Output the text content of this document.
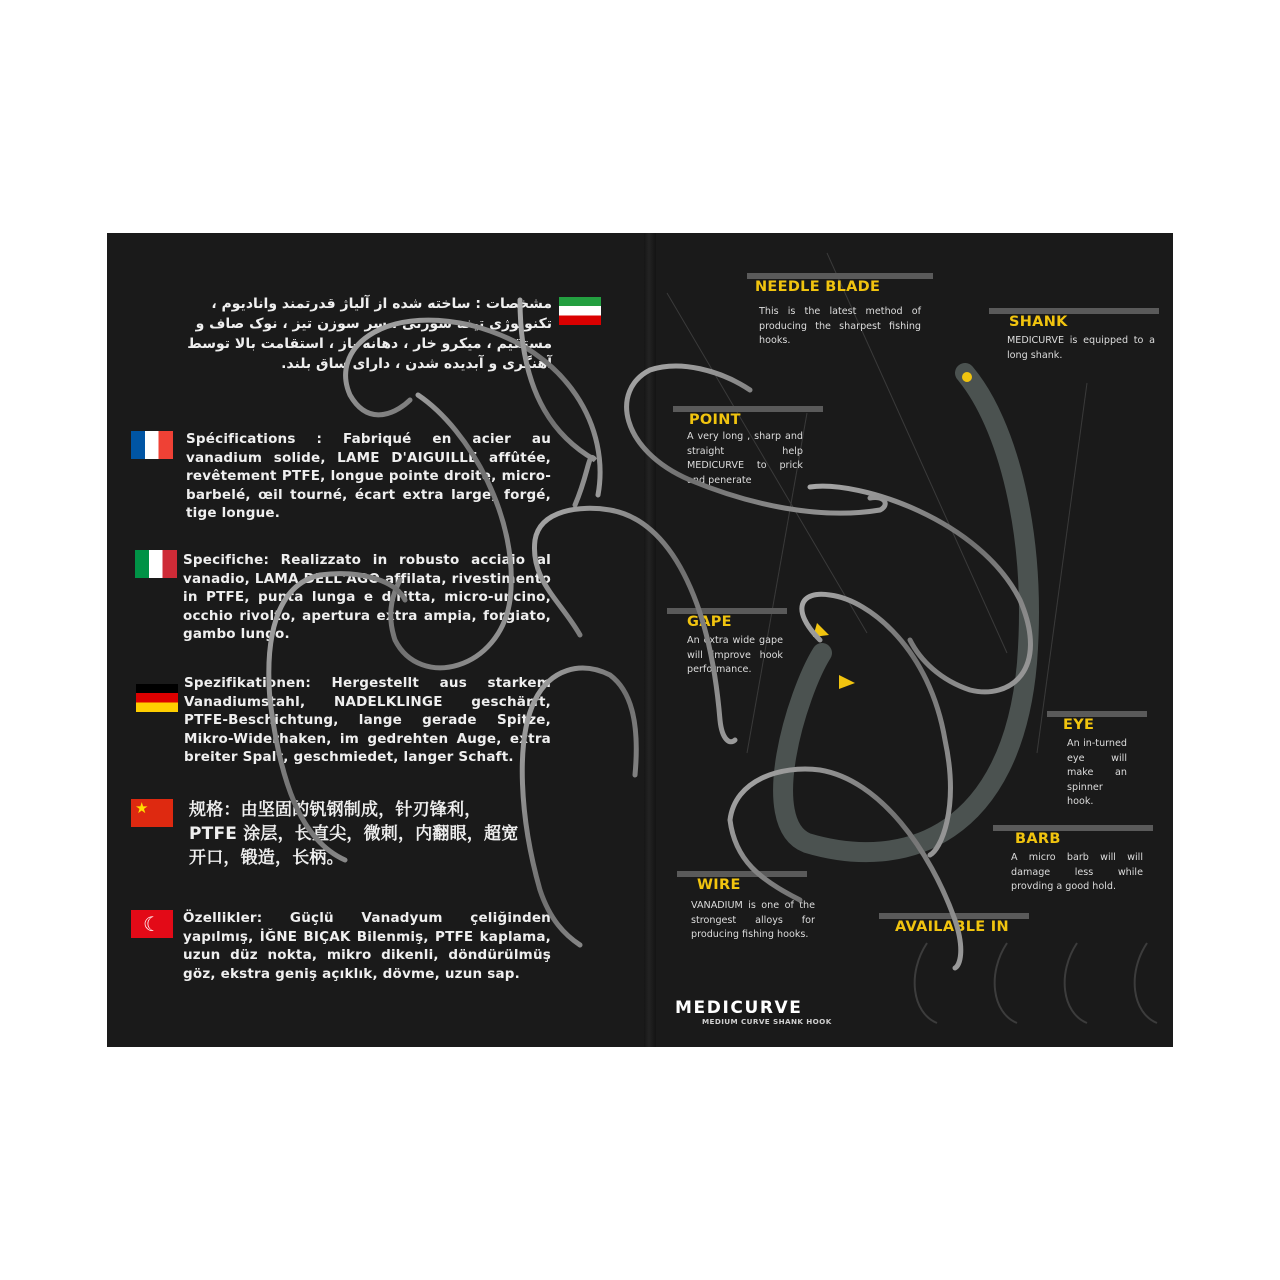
مشخصات : ساخته شده از آلیاژ قدرتمند وانادیوم ، تکنولوژی تیغه سوزنی ، سر سوزن تیز ، نوک صاف و مستقیم ، میکرو خار ، دهانه باز ، استقامت بالا توسط آهنگری و آبدیده شدن ، دارای ساق بلند.
Spécifications : Fabriqué en acier au vanadium solide, LAME D'AIGUILLE affûtée, revêtement PTFE, longue pointe droite, micro-barbelé, œil tourné, écart extra large, forgé, tige longue.
Specifiche: Realizzato in robusto acciaio al vanadio, LAMA DELL'AGO affilata, rivestimento in PTFE, punta lunga e diritta, micro-uncino, occhio rivolto, apertura extra ampia, forgiato, gambo lungo.
Spezifikationen: Hergestellt aus starkem Vanadiumstahl, NADELKLINGE geschärft, PTFE-Beschichtung, lange gerade Spitze, Mikro-Widerhaken, im gedrehten Auge, extra breiter Spalt, geschmiedet, langer Schaft.
★	规格：由坚固的钒钢制成，针刃锋利，PTFE 涂层，长直尖，微刺，内翻眼，超宽开口，锻造，长柄。
☾	Özellikler: Güçlü Vanadyum çeliğinden yapılmış, İĞNE BIÇAK Bilenmiş, PTFE kaplama, uzun düz nokta, mikro dikenli, döndürülmüş göz, ekstra geniş açıklık, dövme, uzun sap.
NEEDLE BLADE
This is the latest method of producing the sharpest fishing hooks.
SHANK
MEDICURVE is equipped to a long shank.
POINT
A very long , sharp and straight help MEDICURVE to prick and penerate
GAPE
An extra wide gape will improve hook performance.
EYE
An in-turned eye will make an spinner hook.
BARB
A micro barb will will damage less while provding a good hold.
WIRE
VANADIUM is one of the strongest alloys for producing fishing hooks.	AVAILABLE IN
MEDICURVE
MEDIUM CURVE SHANK HOOK
